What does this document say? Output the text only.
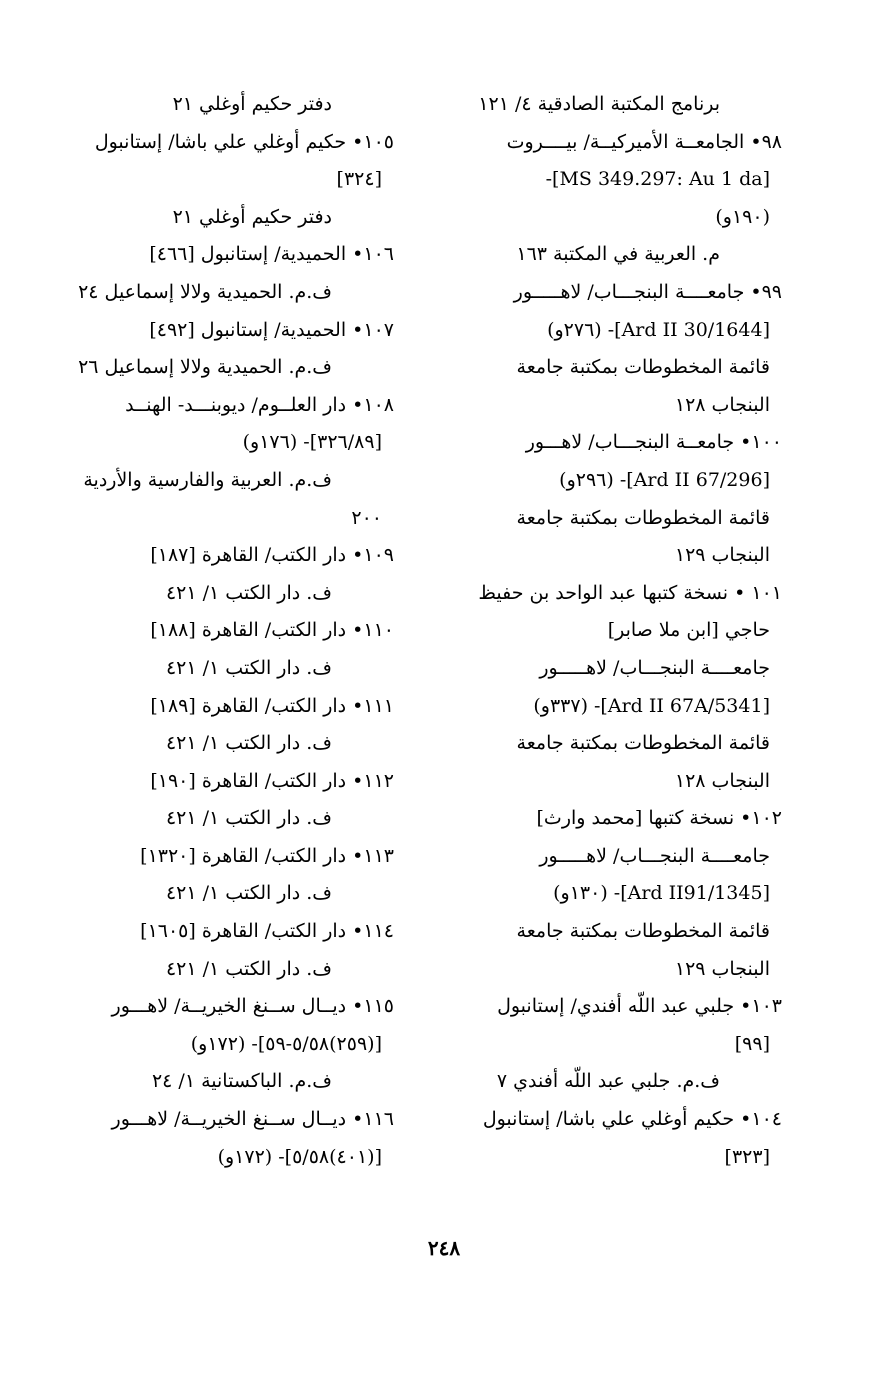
برنامج المكتبة الصادقية ٤/ ١٢١
٩٨• الجامعــة الأميركيــة/ بيــــروت
[MS 349.297: Au 1 da]-
(١٩٠و)
م. العربية في المكتبة ١٦٣
٩٩• جامعــــة البنجـــاب/ لاهـــــور
[Ard II 30/1644]- (٢٧٦و)
قائمة المخطوطات بمكتبة جامعة
البنجاب ١٢٨
١٠٠• جامعــة البنجـــاب/ لاهـــور
[Ard II 67/296]- (٢٩٦و)
قائمة المخطوطات بمكتبة جامعة
البنجاب ١٢٩
١٠١ • نسخة كتبها عبد الواحد بن حفيظ
حاجي [ابن ملا صابر]
جامعــــة البنجـــاب/ لاهـــــور
[Ard II 67A/5341]- (٣٣٧و)
قائمة المخطوطات بمكتبة جامعة
البنجاب ١٢٨
١٠٢• نسخة كتبها [محمد وارث]
جامعــــة البنجـــاب/ لاهـــــور
[Ard II91/1345]- (١٣٠و)
قائمة المخطوطات بمكتبة جامعة
البنجاب ١٢٩
١٠٣• جلبي عبد اللّه أفندي/ إستانبول
[٩٩]
ف.م. جلبي عبد اللّه أفندي ٧
١٠٤• حكيم أوغلي علي باشا/ إستانبول
[٣٢٣]
دفتر حكيم أوغلي ٢١
١٠٥• حكيم أوغلي علي باشا/ إستانبول
[٣٢٤]
دفتر حكيم أوغلي ٢١
١٠٦• الحميدية/ إستانبول [٤٦٦]
ف.م. الحميدية ولالا إسماعيل ٢٤
١٠٧• الحميدية/ إستانبول [٤٩٢]
ف.م. الحميدية ولالا إسماعيل ٢٦
١٠٨• دار العلــوم/ ديوبنـــد- الهنــد
[٣٢٦/٨٩]- (١٧٦و)
ف.م. العربية والفارسية والأردية
٢٠٠
١٠٩• دار الكتب/ القاهرة [١٨٧]
ف. دار الكتب ١/ ٤٢١
١١٠• دار الكتب/ القاهرة [١٨٨]
ف. دار الكتب ١/ ٤٢١
١١١• دار الكتب/ القاهرة [١٨٩]
ف. دار الكتب ١/ ٤٢١
١١٢• دار الكتب/ القاهرة [١٩٠]
ف. دار الكتب ١/ ٤٢١
١١٣• دار الكتب/ القاهرة [١٣٢٠]
ف. دار الكتب ١/ ٤٢١
١١٤• دار الكتب/ القاهرة [١٦٠٥]
ف. دار الكتب ١/ ٤٢١
١١٥• ديــال ســنغ الخيريــة/ لاهـــور
[(٢٥٩)٥/٥٨-٥٩]- (١٧٢و)
ف.م. الباكستانية ١/ ٢٤
١١٦• ديــال ســنغ الخيريــة/ لاهـــور
[(٤٠١)٥/٥٨]- (١٧٢و)
٢٤٨
